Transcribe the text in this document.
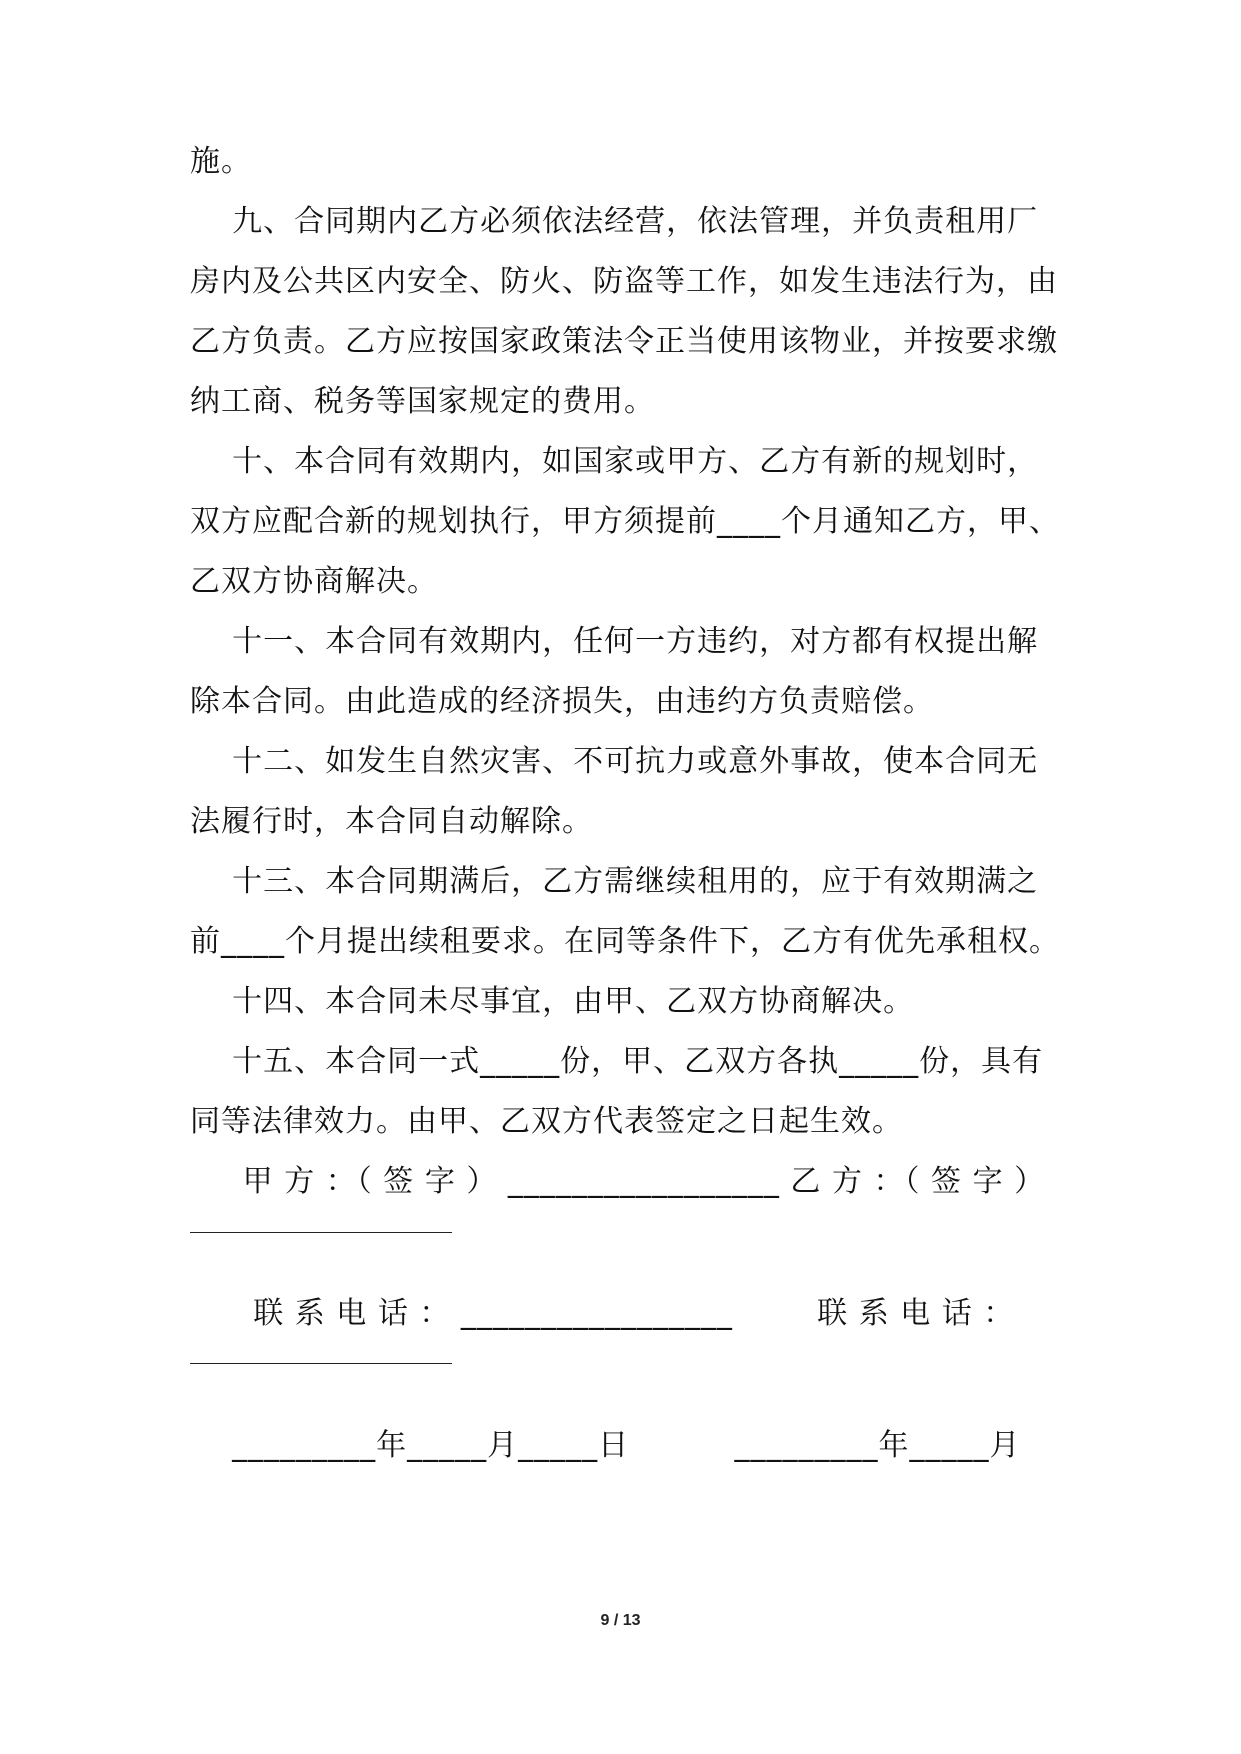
施。
九、合同期内乙方必须依法经营，依法管理，并负责租用厂
房内及公共区内安全、防火、防盗等工作，如发生违法行为，由
乙方负责。乙方应按国家政策法令正当使用该物业，并按要求缴
纳工商、税务等国家规定的费用。
十、本合同有效期内，如国家或甲方、乙方有新的规划时，
双方应配合新的规划执行，甲方须提前____个月通知乙方，甲、
乙双方协商解决。
十一、本合同有效期内，任何一方违约，对方都有权提出解
除本合同。由此造成的经济损失，由违约方负责赔偿。
十二、如发生自然灾害、不可抗力或意外事故，使本合同无
法履行时，本合同自动解除。
十三、本合同期满后，乙方需继续租用的，应于有效期满之
前____个月提出续租要求。在同等条件下，乙方有优先承租权。
十四、本合同未尽事宜，由甲、乙双方协商解决。
十五、本合同一式_____份，甲、乙双方各执_____份，具有
同等法律效力。由甲、乙双方代表签定之日起生效。
甲 方 ：（ 签 字 ） _________________ 乙 方 ：（ 签 字 ）
联 系 电 话 ： _________________        联 系 电 话 ：
_________年_____月_____日          _________年_____月
9 / 13
